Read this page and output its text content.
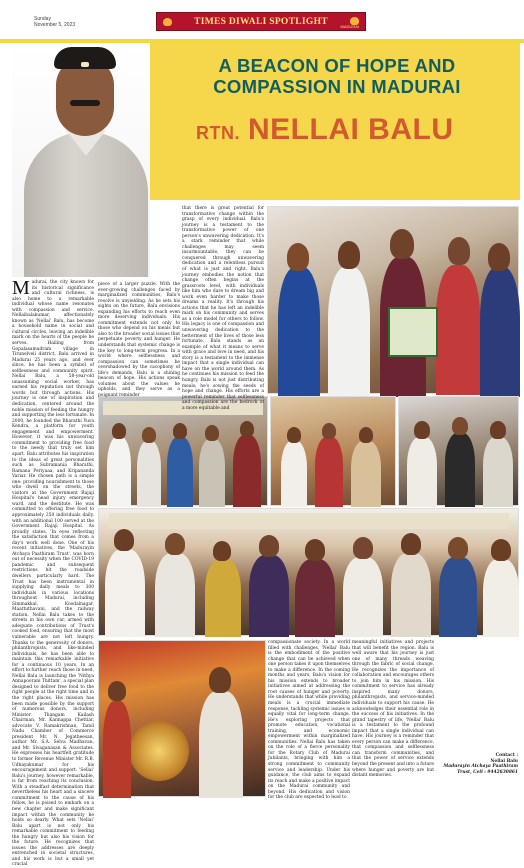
Sunday
November 5, 2023	TIMES DIWALI SPOTLIGHT	MADURAI
A BEACON OF HOPE AND
COMPASSION IN MADURAI
RTN. NELLAI BALU
Madurai, the city known for its historical significance and cultural richness, is also home to a remarkable individual whose name resonates with compassion and service. Nellaibalakumar, affectionately known as 'Nellai' Balu, has become a household name in social and cultural circles, leaving an indelible mark on the hearts of the people he serves. Hailing from Gopalasamudram village in Tirunelveli district, Balu arrived in Madurai 25 years ago, and ever since, he has been a symbol of selflessness and community spirit. Nellai Balu, a 58-year-old unassuming social worker, has earned his reputation not through words but through actions. His journey is one of inspiration and dedication, centered around the noble mission of feeding the hungry and supporting the less fortunate. In 2000, he founded the Bharathi Yuva Kendra, a platform for youth engagement and empowerment. However, it was his unwavering commitment to providing free food to the needy that truly set him apart. Balu attributes his inspiration to the ideas of great personalities such as Subramania Bharathi, Ramana Periyaaa, and Kripananda Variar. He chosen path is a simple one: providing nourishment to those who dwell on the streets, the visitors at the Government Rajaji Hospital's head injury emergency ward, and the destitute. He was committed to offering free food to approximately 250 individuals daily, with an additional 100 served at the Government Rajaji Hospital. As proudly states, 'In eyes reflecting the satisfaction that comes from a day's work well done. One of his recent initiatives, the 'Madurayin Atchaya Paathiram Trust', was born out of necessity when the COVID-19 pandemic and subsequent restrictions hit the roadside dwellers particularly hard. The Trust has been instrumental in supplying daily meals to 300 individuals in various locations throughout Madurai, including Simmakkal, Koodalnagar, Maattuthavani, and the railway station. Nellai Balu takes to the streets in his own car, armed with adequate contributions of Trust's cooked food, ensuring that the most vulnerable are not left hungry. Thanks to the generosity of donors, philanthropists, and like-minded individuals, he has been able to maintain this remarkable initiative for a continuous 10 years. In an effort to further reach those in need, Nellai Balu is launching the 'Nithya Annapoorani Thittam', a special plan designed to deliver free food to the right people at the right time and in the right places. His mission has been made possible by the support of numerous donors, including Minister Thangam Kailash Chairman, Mr. Kannappa Chettiar, advocate V. Ramakrishnan, Tamil Nadu Chamber of Commerce president Mr. N. Jegatheesan, author Mr. S.A. Selva Madhavan, and Mr. Sivaganasan & Associates. He expresses his heartfelt gratitude to former Revenue Minister Mr. R.B. Udhayakumar for his encouragement and support. 'Sellai' Balu's journey, however remarkable, is far from reaching its conclusion. With a steadfast determination that nevertheless his heart and a sincere commitment to the cause of his fellow, he is poised to embark on a new chapter and make significant impact within the community he holds so dearly. What sets 'Nellai' Balu apart is not only his remarkable commitment to feeding the hungry but also his vision for the future. He recognizes that issues the addresses are deeply entrenched in societal structures, and his work is but a small yet crucial
piece of a larger puzzle. With the ever-growing challenges faced by marginalized communities, Balu's resolve is unyielding. As he sets his sights on the future, Balu envisions expanding his efforts to reach even more deserving individuals. His commitment extends not only to those who depend on his meals but also to the broader social issues that perpetuate poverty and hunger. He understands that systemic change is the key to long-term progress. In a world where selflessness and compassion can sometimes be overshadowed by the cacophony of life's demands, Balu is a shining beacon of hope. His actions speak volumes about the values he upholds, and they serve as a poignant reminder
that there is great potential for transformative change within the grasp of every individual. Balu's journey is a testament to the transformative power of one person's unwavering dedication. It's a stark reminder that while challenges may seem insurmountable, they can be conquered through unwavering dedication and a relentless pursuit of what is just and right. Balu's journey embodies the notion that change often begins at the grassroots level, with individuals like him who dare to dream big and work even harder to make those dreams a reality. It's through his actions that he has left an indelible mark on his community and serves as a role model for others to follow. His legacy is one of compassion and unwavering dedication to the betterment of the lives of those less fortunate. Balu stands as an example of what it means to serve with grace and love in need, and his story is a testament to the immense impact that a single individual can have on the world around them. As he continues his mission to feed the hungry, Balu is not just distributing meals; he's sowing the seeds of hope and change. His efforts are a powerful reminder that selflessness and compassion are the bedrock of a more equitable and
compassionate society. In a world filled with challenges, 'Nellai' Balu is the embodiment of the positive change that can be achieved when one person takes it upon themselves to make a difference. In the coming months and years, Balu's vision for his mission extends to broader initiatives aimed at addressing the root causes of hunger and poverty. He understands that while providing meals is a crucial immediate response, tackling systemic issues is equally vital for long-term change. He's exploring projects that promote education, vocational training, and economic empowerment within marginalized communities. Nellai Balu has taken on the role of a fierce personality for the Rotary Club of Madurai Jubilants, bringing with him a strong commitment to community service and leadership. Under his guidance, the club aims to expand its reach and make a positive impact on the Madurai community and beyond. His dedication and vision for the club are expected to lead to
meaningful initiatives and projects that will benefit the region. Balu is well aware that his journey is just one of many threads weaving through the fabric of social change. He recognizes the importance of collaboration and encourages others to join him in his mission. His commitment to service has already inspired many donors, philanthropists, and service-minded individuals to support his cause. He acknowledges their essential role in the success of his initiatives. In the grand tapestry of life, 'Nellai' Balu is a testament to the profound impact that a single individual can have. His journey is a reminder that every person can make a difference, that compassion and selflessness can transform communities, and that the power of service extends beyond the present and into a future where hunger and poverty are but distant memories.
Contact :
Nellai Balu
Madurayin Atchaya Paathiram
Trust, Cell : 9442630861
